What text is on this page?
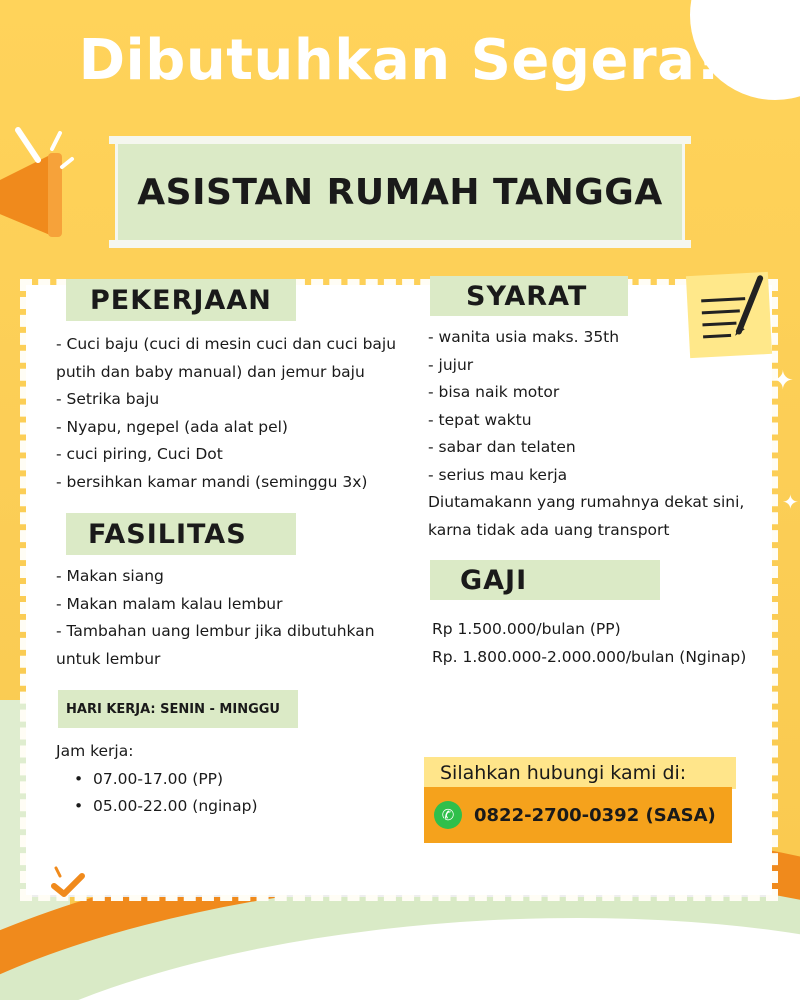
Dibutuhkan Segera!
ASISTAN RUMAH TANGGA
✦
✦
PEKERJAAN
- Cuci baju (cuci di mesin cuci dan cuci baju
putih dan baby manual) dan jemur baju
- Setrika baju
- Nyapu, ngepel (ada alat pel)
- cuci piring, Cuci Dot
- bersihkan kamar mandi (seminggu 3x)
FASILITAS
- Makan siang
- Makan malam kalau lembur
- Tambahan uang lembur jika dibutuhkan
untuk lembur
HARI KERJA: SENIN - MINGGU
Jam kerja:
•  07.00-17.00 (PP)
•  05.00-22.00 (nginap)
SYARAT
- wanita usia maks. 35th
- jujur
- bisa naik motor
- tepat waktu
- sabar dan telaten
- serius mau kerja
Diutamakann yang rumahnya dekat sini,
karna tidak ada uang transport
GAJI
Rp 1.500.000/bulan (PP)
Rp. 1.800.000-2.000.000/bulan (Nginap)
Silahkan hubungi kami di:
✆	0822-2700-0392 (SASA)
